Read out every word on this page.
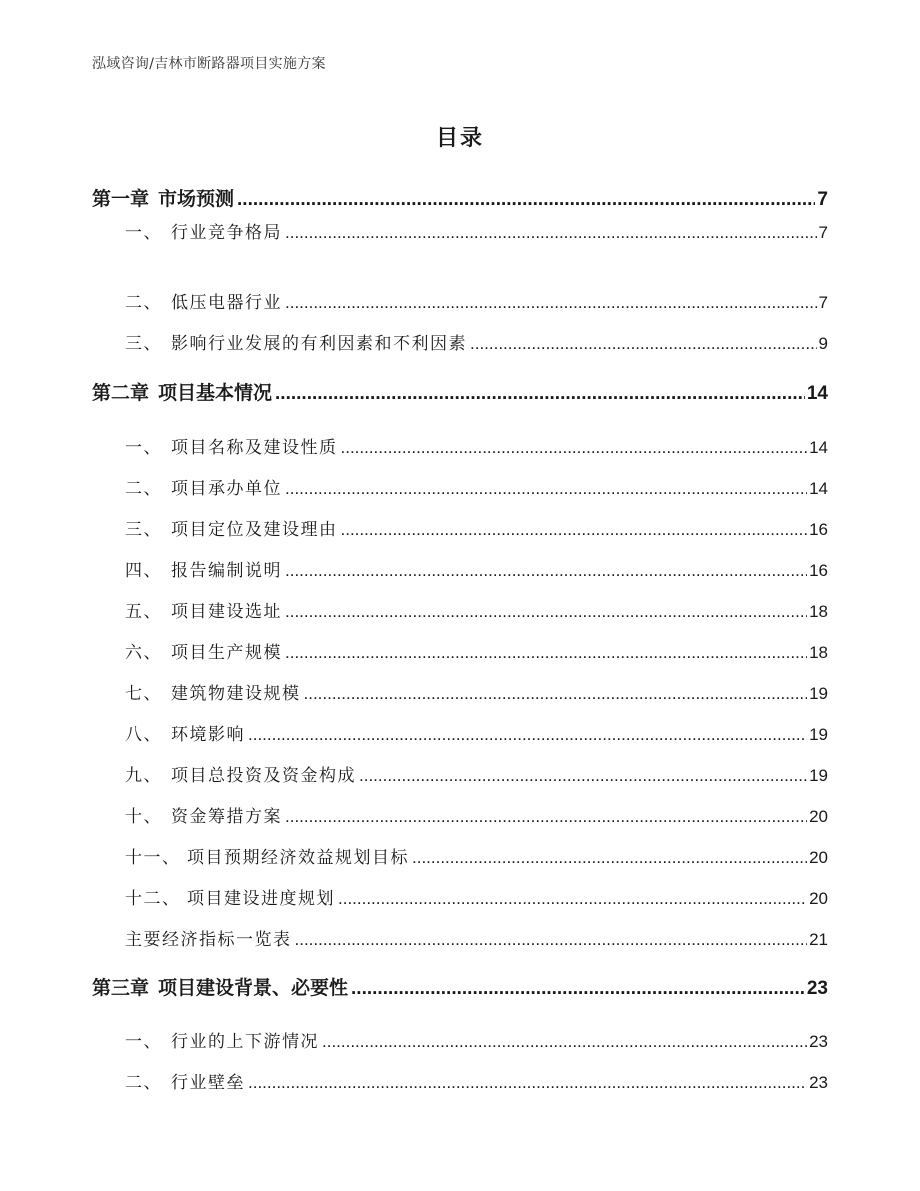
泓域咨询/吉林市断路器项目实施方案
目录
第一章 市场预测 .....	7
一、 行业竞争格局 .....	7
二、 低压电器行业 .....	7
三、 影响行业发展的有利因素和不利因素 .....	9
第二章 项目基本情况 .....	14
一、 项目名称及建设性质 .....	14
二、 项目承办单位 .....	14
三、 项目定位及建设理由 .....	16
四、 报告编制说明 .....	16
五、 项目建设选址 .....	18
六、 项目生产规模 .....	18
七、 建筑物建设规模 .....	19
八、 环境影响 .....	19
九、 项目总投资及资金构成 .....	19
十、 资金筹措方案 .....	20
十一、 项目预期经济效益规划目标 .....	20
十二、 项目建设进度规划 .....	20
主要经济指标一览表 .....	21
第三章 项目建设背景、必要性 .....	23
一、 行业的上下游情况 .....	23
二、 行业壁垒 .....	23
